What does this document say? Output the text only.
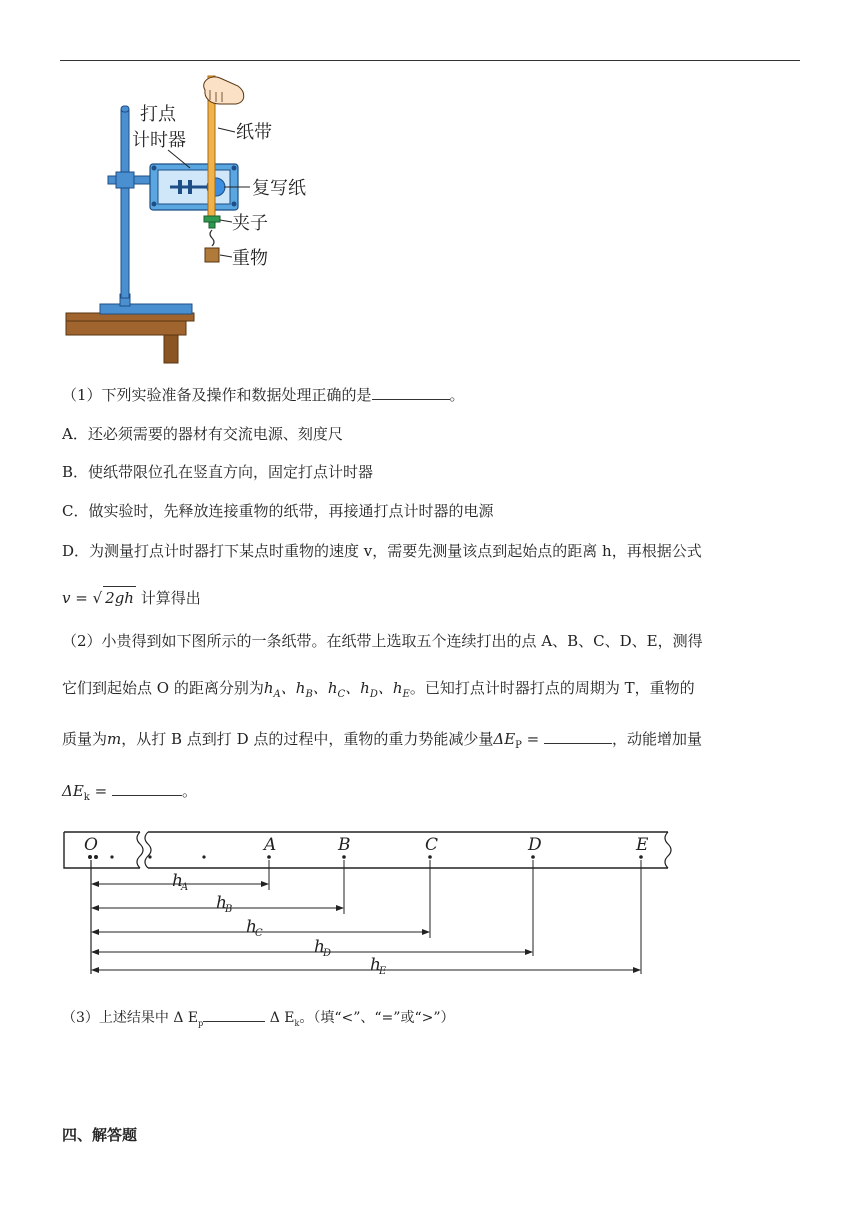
打点
计时器	纸带
复写纸
夹子
重物
（1）下列实验准备及操作和数据处理正确的是	。
A．还必须需要的器材有交流电源、刻度尺
B．使纸带限位孔在竖直方向，固定打点计时器
C．做实验时，先释放连接重物的纸带，再接通打点计时器的电源
D．为测量打点计时器打下某点时重物的速度 v，需要先测量该点到起始点的距离 h，再根据公式
v = √ 2gh 计算得出
（2）小贵得到如下图所示的一条纸带。在纸带上选取五个连续打出的点 A、B、C、D、E，测得
它们到起始点 O 的距离分别为$h_A$、$h_B$、$h_C$、$h_D$、$h_E$。已知打点计时器打点的周期为 T，重物的
质量为m，从打 B 点到打 D 点的过程中，重物的重力势能减少量$\Delta E_P$ =	，动能增加量
$\Delta E_k$ =	。
O	A	B	C	D	E
h
A
h
B
h
C
h
D
h
E
（3）上述结果中 Δ $E_p$	Δ $E_k$。（填“<”、“=”或“>”）
四、解答题
